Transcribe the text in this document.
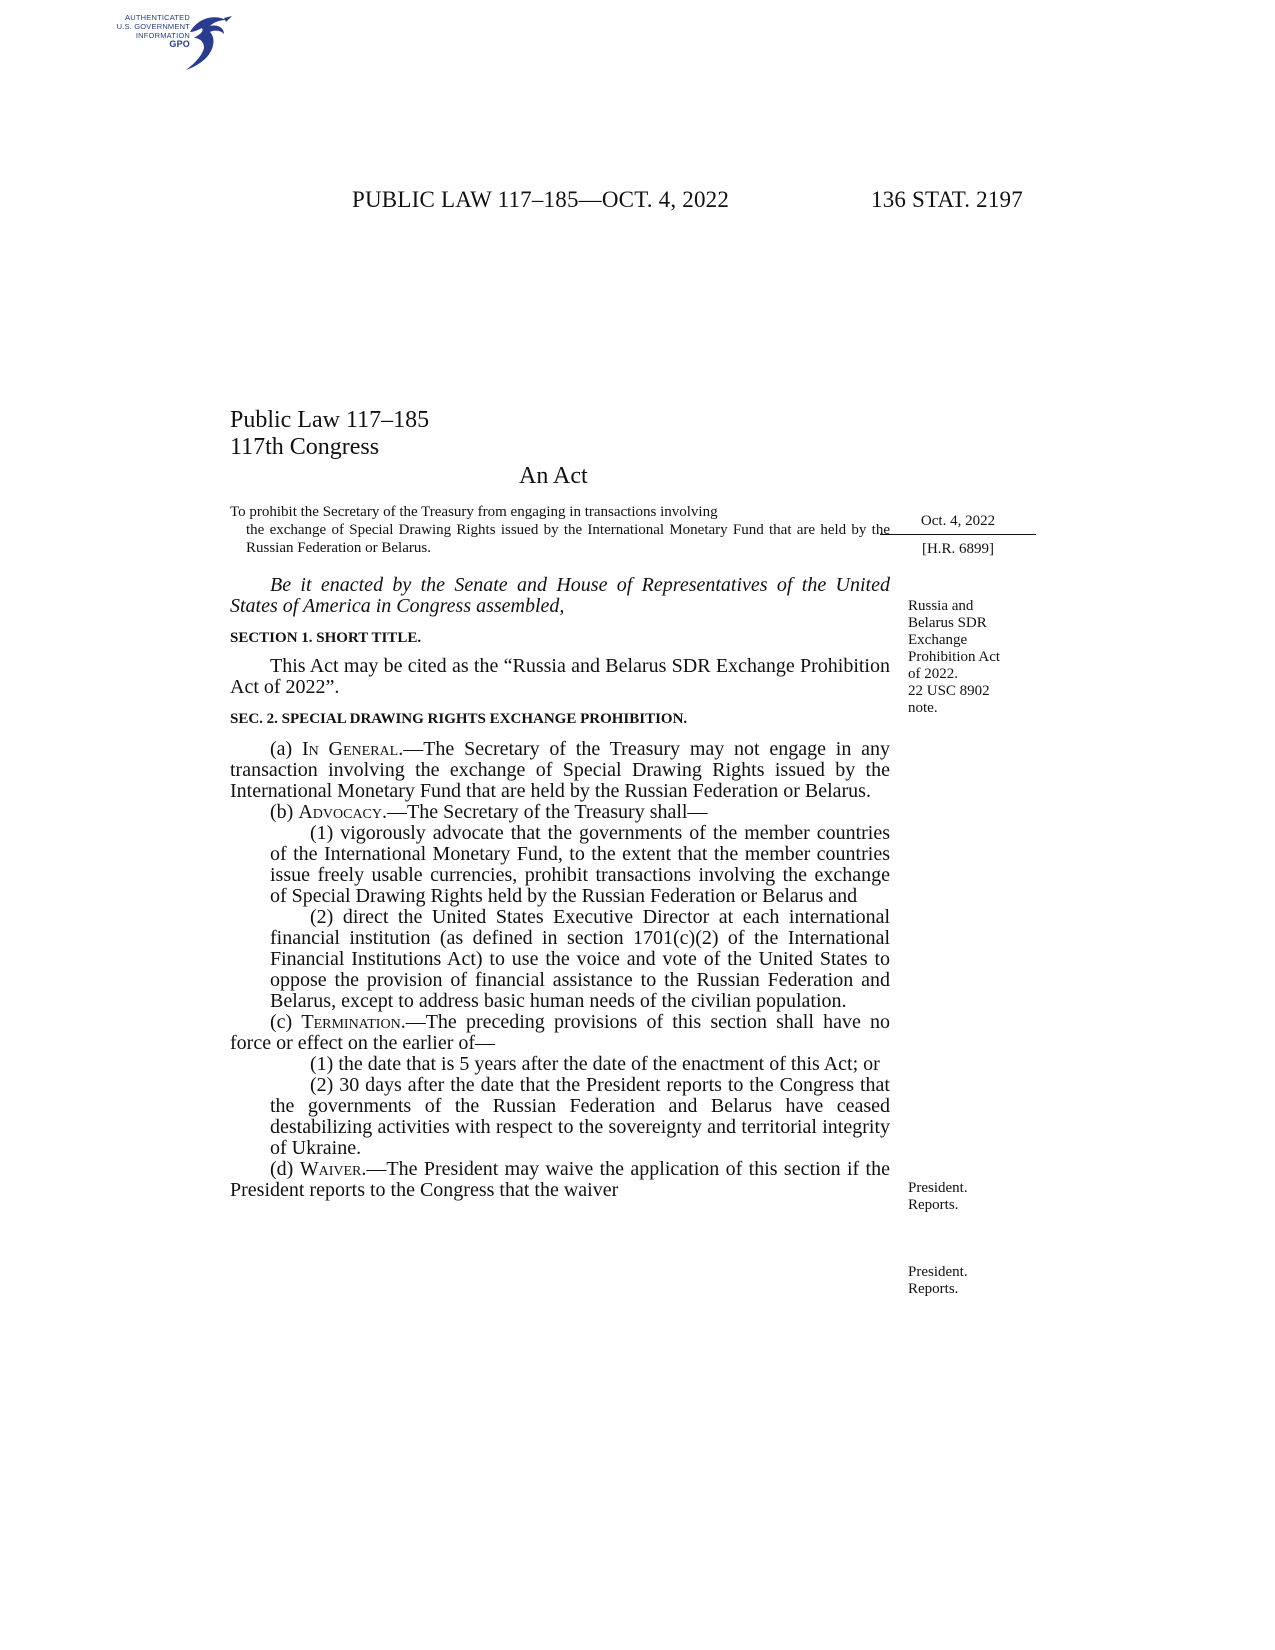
AUTHENTICATED
U.S. GOVERNMENT
INFORMATION
GPO
PUBLIC LAW 117–185—OCT. 4, 2022	136 STAT. 2197
Public Law 117–185
117th Congress
An Act

To prohibit the Secretary of the Treasury from engaging in transactions involving

the exchange of Special Drawing Rights issued by the International Monetary Fund that are held by the Russian Federation or Belarus.

Oct. 4, 2022
[H.R. 6899]

Be it enacted by the Senate and House of Representatives of the United States of America in Congress assembled,

SECTION 1. SHORT TITLE.

This Act may be cited as the “Russia and Belarus SDR Exchange Prohibition Act of 2022”.

SEC. 2. SPECIAL DRAWING RIGHTS EXCHANGE PROHIBITION.

(a) In General.—The Secretary of the Treasury may not engage in any transaction involving the exchange of Special Drawing Rights issued by the International Monetary Fund that are held by the Russian Federation or Belarus.

(b) Advocacy.—The Secretary of the Treasury shall—

(1) vigorously advocate that the governments of the member countries of the International Monetary Fund, to the extent that the member countries issue freely usable currencies, prohibit transactions involving the exchange of Special Drawing Rights held by the Russian Federation or Belarus and

(2) direct the United States Executive Director at each international financial institution (as defined in section 1701(c)(2) of the International Financial Institutions Act) to use the voice and vote of the United States to oppose the provision of financial assistance to the Russian Federation and Belarus, except to address basic human needs of the civilian population.

(c) Termination.—The preceding provisions of this section shall have no force or effect on the earlier of—

(1) the date that is 5 years after the date of the enactment of this Act; or

(2) 30 days after the date that the President reports to the Congress that the governments of the Russian Federation and Belarus have ceased destabilizing activities with respect to the sovereignty and territorial integrity of Ukraine.

(d) Waiver.—The President may waive the application of this section if the President reports to the Congress that the waiver

Russia and
Belarus SDR
Exchange
Prohibition Act
of 2022.
22 USC 8902
note.
President.
Reports.
President.
Reports.
